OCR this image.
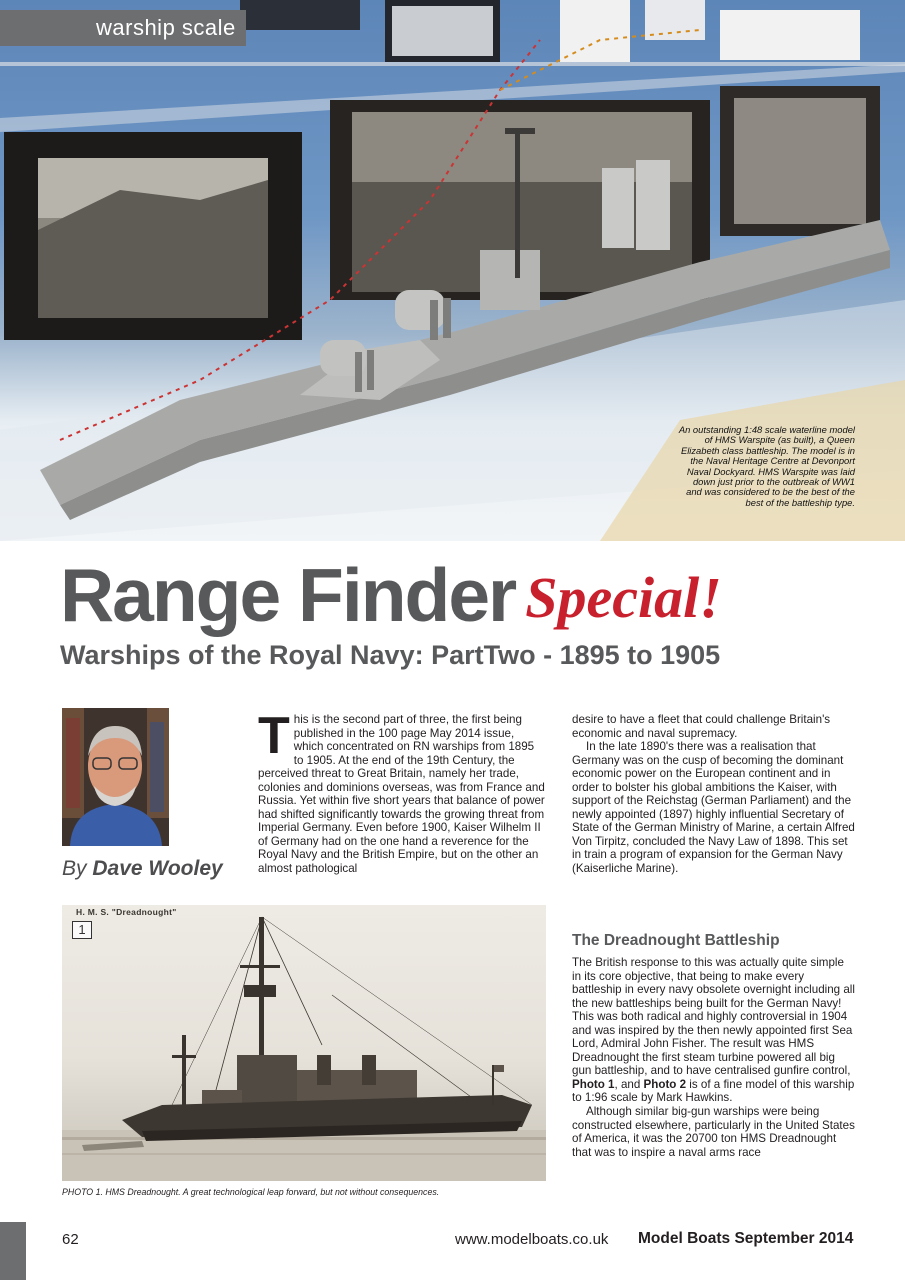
warship scale
An outstanding 1:48 scale waterline model of HMS Warspite (as built), a Queen Elizabeth class battleship. The model is in the Naval Heritage Centre at Devonport Naval Dockyard. HMS Warspite was laid down just prior to the outbreak of WW1 and was considered to be the best of the best of the battleship type.
Range Finder Special!
Warships of the Royal Navy: PartTwo - 1895 to 1905
By Dave Wooley

This is the second part of three, the first being published in the 100 page May 2014 issue, which concentrated on RN warships from 1895 to 1905. At the end of the 19th Century, the perceived threat to Great Britain, namely her trade, colonies and dominions overseas, was from France and Russia. Yet within five short years that balance of power had shifted significantly towards the growing threat from Imperial Germany. Even before 1900, Kaiser Wilhelm II of Germany had on the one hand a reverence for the Royal Navy and the British Empire, but on the other an almost pathological

desire to have a fleet that could challenge Britain's economic and naval supremacy.

In the late 1890's there was a realisation that Germany was on the cusp of becoming the dominant economic power on the European continent and in order to bolster his global ambitions the Kaiser, with support of the Reichstag (German Parliament) and the newly appointed (1897) highly influential Secretary of State of the German Ministry of Marine, a certain Alfred Von Tirpitz, concluded the Navy Law of 1898. This set in train a program of expansion for the German Navy (Kaiserliche Marine).

The Dreadnought Battleship

The British response to this was actually quite simple in its core objective, that being to make every battleship in every navy obsolete overnight including all the new battleships being built for the German Navy! This was both radical and highly controversial in 1904 and was inspired by the then newly appointed first Sea Lord, Admiral John Fisher. The result was HMS Dreadnought the first steam turbine powered all big gun battleship, and to have centralised gunfire control, Photo 1, and Photo 2 is of a fine model of this warship to 1:96 scale by Mark Hawkins.

Although similar big-gun warships were being constructed elsewhere, particularly in the United States of America, it was the 20700 ton HMS Dreadnought that was to inspire a naval arms race

H. M. S. "Dreadnought"
1
PHOTO 1. HMS Dreadnought. A great technological leap forward, but not without consequences.
62	www.modelboats.co.uk Model Boats September 2014
